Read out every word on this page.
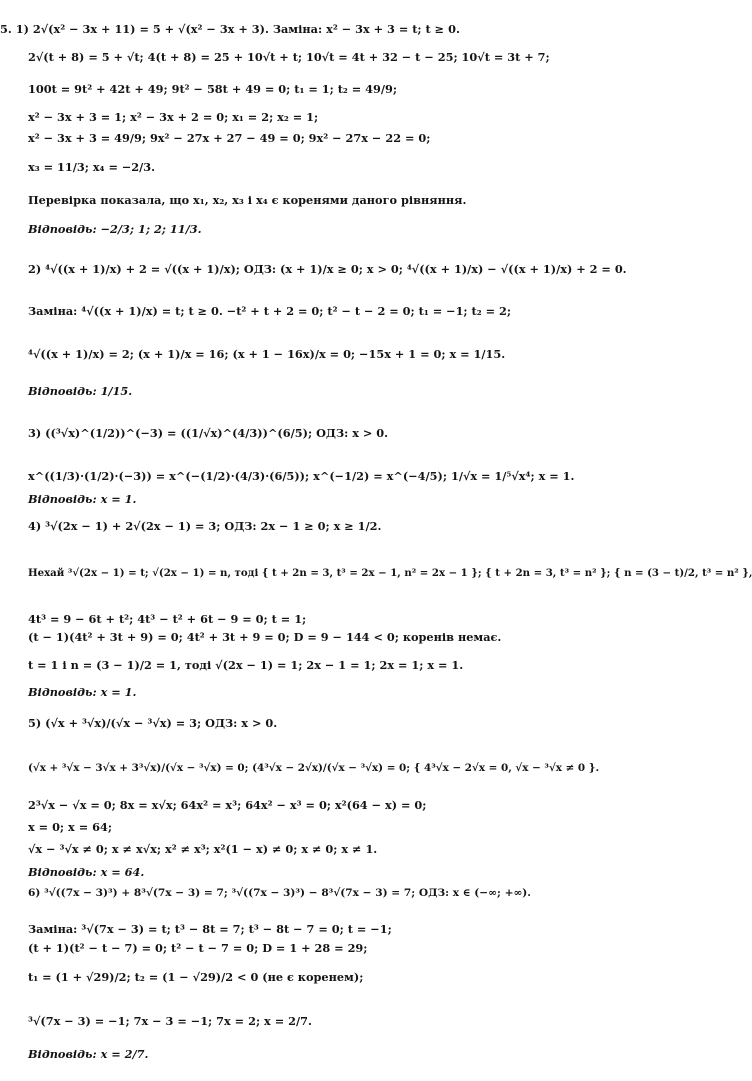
5. 1) 2√(x² − 3x + 11) = 5 + √(x² − 3x + 3). Заміна: x² − 3x + 3 = t; t ≥ 0.
2√(t + 8) = 5 + √t; 4(t + 8) = 25 + 10√t + t; 10√t = 4t + 32 − t − 25; 10√t = 3t + 7;
100t = 9t² + 42t + 49; 9t² − 58t + 49 = 0; t₁ = 1; t₂ = 49/9;
x² − 3x + 3 = 1; x² − 3x + 2 = 0; x₁ = 2; x₂ = 1;
x² − 3x + 3 = 49/9; 9x² − 27x + 27 − 49 = 0; 9x² − 27x − 22 = 0;
x₃ = 11/3; x₄ = −2/3.
Перевірка показала, що x₁, x₂, x₃ і x₄ є коренями даного рівняння.
Відповідь: −2/3; 1; 2; 11/3.
2) ⁴√((x + 1)/x) + 2 = √((x + 1)/x); ОДЗ: (x + 1)/x ≥ 0; x > 0; ⁴√((x + 1)/x) − √((x + 1)/x) + 2 = 0.
Заміна: ⁴√((x + 1)/x) = t; t ≥ 0. −t² + t + 2 = 0; t² − t − 2 = 0; t₁ = −1; t₂ = 2;
⁴√((x + 1)/x) = 2; (x + 1)/x = 16; (x + 1 − 16x)/x = 0; −15x + 1 = 0; x = 1/15.
Відповідь: 1/15.
3) ((³√x)^(1/2))^(−3) = ((1/√x)^(4/3))^(6/5); ОДЗ: x > 0.
x^((1/3)·(1/2)·(−3)) = x^(−(1/2)·(4/3)·(6/5)); x^(−1/2) = x^(−4/5); 1/√x = 1/⁵√x⁴; x = 1.
Відповідь: x = 1.
4) ³√(2x − 1) + 2√(2x − 1) = 3; ОДЗ: 2x − 1 ≥ 0; x ≥ 1/2.
Нехай ³√(2x − 1) = t; √(2x − 1) = n, тоді { t + 2n = 3, t³ = 2x − 1, n² = 2x − 1 }; { t + 2n = 3, t³ = n² }; { n = (3 − t)/2, t³ = n² },
4t³ = 9 − 6t + t²; 4t³ − t² + 6t − 9 = 0; t = 1;
(t − 1)(4t² + 3t + 9) = 0; 4t² + 3t + 9 = 0; D = 9 − 144 < 0; коренів немає.
t = 1 і n = (3 − 1)/2 = 1, тоді √(2x − 1) = 1; 2x − 1 = 1; 2x = 1; x = 1.
Відповідь: x = 1.
5) (√x + ³√x)/(√x − ³√x) = 3; ОДЗ: x > 0.
(√x + ³√x − 3√x + 3³√x)/(√x − ³√x) = 0; (4³√x − 2√x)/(√x − ³√x) = 0; { 4³√x − 2√x = 0, √x − ³√x ≠ 0 }.
2³√x − √x = 0; 8x = x√x; 64x² = x³; 64x² − x³ = 0; x²(64 − x) = 0;
x = 0; x = 64;
√x − ³√x ≠ 0; x ≠ x√x; x² ≠ x³; x²(1 − x) ≠ 0; x ≠ 0; x ≠ 1.
Відповідь: x = 64.
6) ³√((7x − 3)³) + 8³√(7x − 3) = 7; ³√((7x − 3)³) − 8³√(7x − 3) = 7; ОДЗ: x ∈ (−∞; +∞).
Заміна: ³√(7x − 3) = t; t³ − 8t = 7; t³ − 8t − 7 = 0; t = −1;
(t + 1)(t² − t − 7) = 0; t² − t − 7 = 0; D = 1 + 28 = 29;
t₁ = (1 + √29)/2; t₂ = (1 − √29)/2 < 0 (не є коренем);
³√(7x − 3) = −1; 7x − 3 = −1; 7x = 2; x = 2/7.
Відповідь: x = 2/7.
